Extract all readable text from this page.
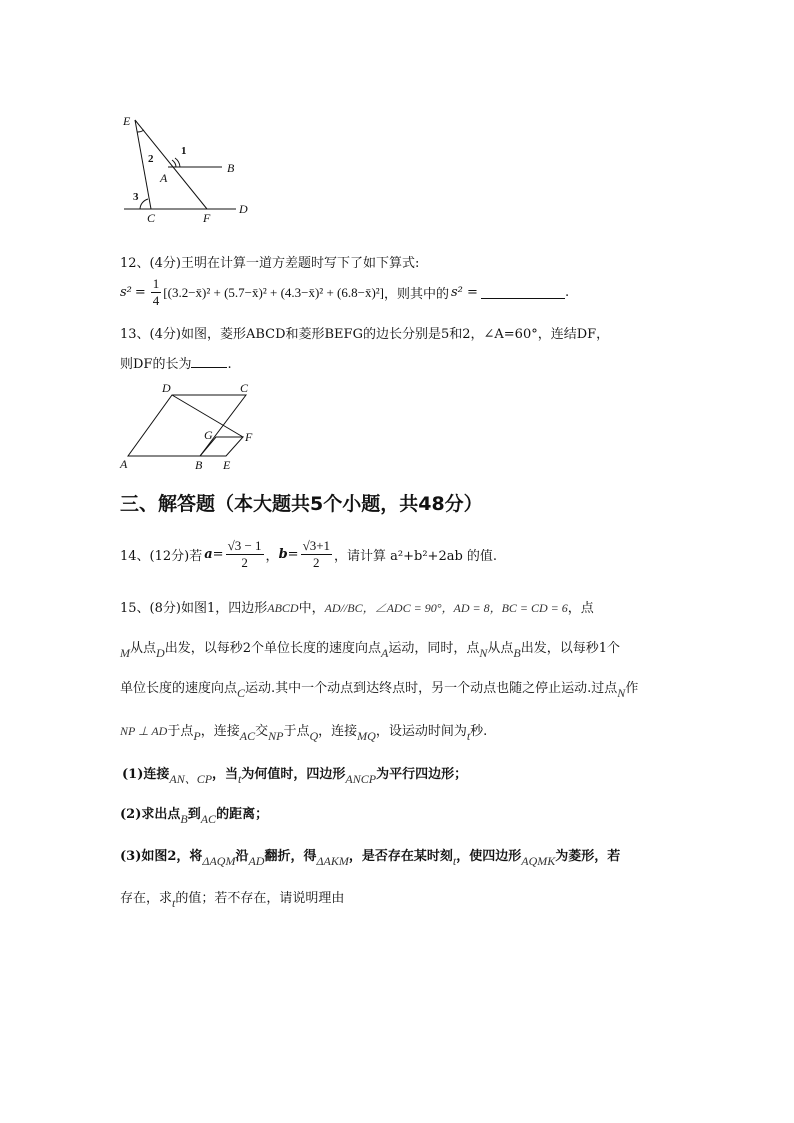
E
1
2
B
A
3
C	F
D
12、(4分)王明在计算一道方差题时写下了如下算式:
$s^2 = \frac{1}{4}$ [(3.2−x̄)² + (5.7−x̄)² + (4.3−x̄)² + (6.8−x̄)²] ，则其中的 s² =	.
13、(4分)如图，菱形ABCD和菱形BEFG的边长分别是5和2，∠A=60°，连结DF，
则DF的长为	.
D	C
G	F
A	B E
三、解答题（本大题共5个小题，共48分）
14、(12分)若 $a = \frac{√3 - 1}{2}$ ， $b = \frac{√3+1}{2}$ ，请计算 a²+b²+2ab 的值.
15、(8分)如图1，四边形ABCD中，AD//BC，∠ADC = 90°，AD = 8，BC = CD = 6，点
M从点D出发，以每秒2个单位长度的速度向点A运动，同时，点N从点B出发，以每秒1个
单位长度的速度向点C运动.其中一个动点到达终点时，另一个动点也随之停止运动.过点N作
NP ⊥ AD于点P，连接AC交NP于点Q，连接MQ，设运动时间为t秒.
(1)连接AN、CP，当t为何值时，四边形ANCP为平行四边形；
(2)求出点B到AC的距离；
(3)如图2，将ΔAQM沿AD翻折，得ΔAKM，是否存在某时刻t，使四边形AQMK为菱形，若
存在，求t的值；若不存在，请说明理由
